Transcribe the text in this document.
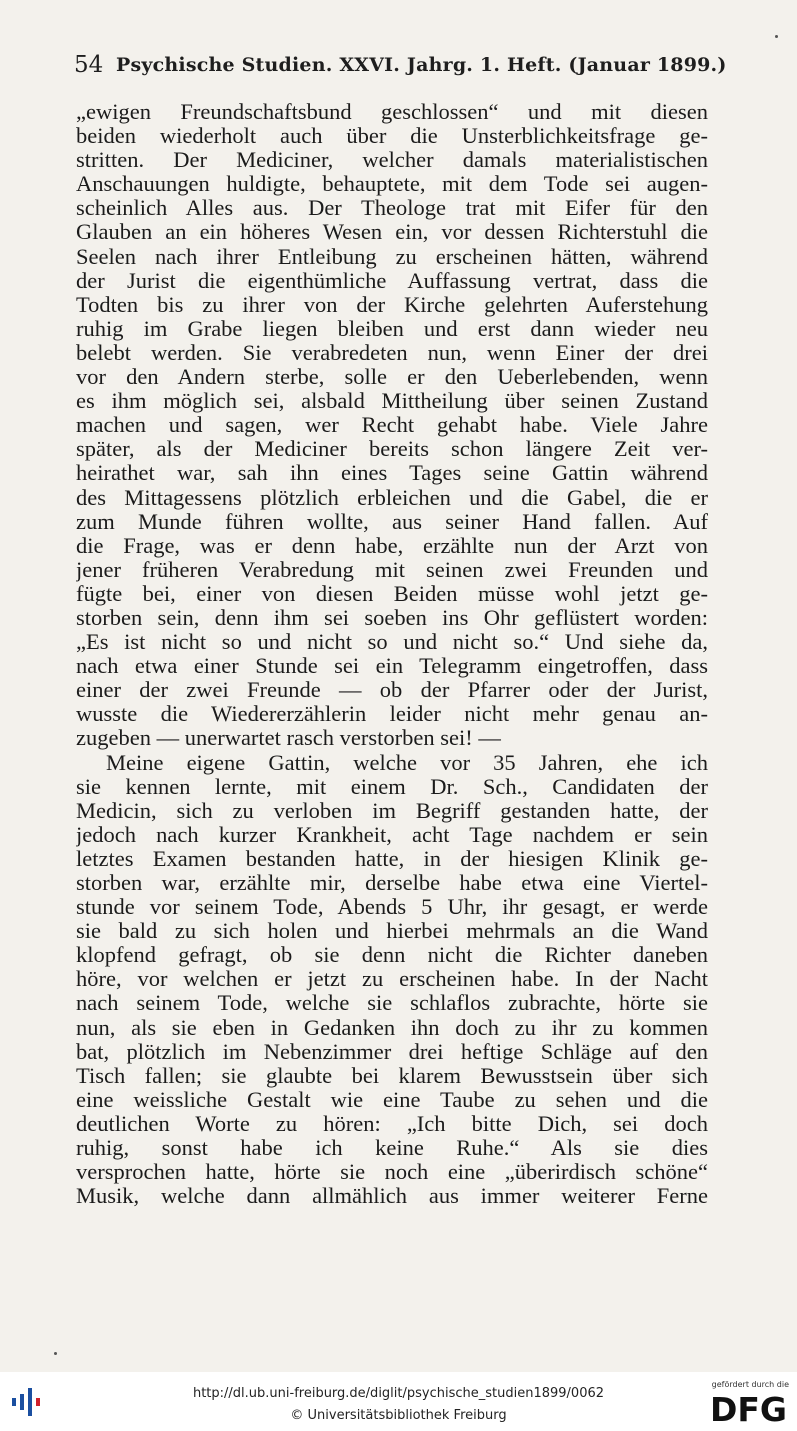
54 Psychische Studien. XXVI. Jahrg. 1. Heft. (Januar 1899.)
„ewigen Freundschaftsbund geschlossen“ und mit diesen
beiden wiederholt auch über die Unsterblichkeitsfrage ge-
stritten. Der Mediciner, welcher damals materialistischen
Anschauungen huldigte, behauptete, mit dem Tode sei augen-
scheinlich Alles aus. Der Theologe trat mit Eifer für den
Glauben an ein höheres Wesen ein, vor dessen Richterstuhl die
Seelen nach ihrer Entleibung zu erscheinen hätten, während
der Jurist die eigenthümliche Auffassung vertrat, dass die
Todten bis zu ihrer von der Kirche gelehrten Auferstehung
ruhig im Grabe liegen bleiben und erst dann wieder neu
belebt werden. Sie verabredeten nun, wenn Einer der drei
vor den Andern sterbe, solle er den Ueberlebenden, wenn
es ihm möglich sei, alsbald Mittheilung über seinen Zustand
machen und sagen, wer Recht gehabt habe. Viele Jahre
später, als der Mediciner bereits schon längere Zeit ver-
heirathet war, sah ihn eines Tages seine Gattin während
des Mittagessens plötzlich erbleichen und die Gabel, die er
zum Munde führen wollte, aus seiner Hand fallen. Auf
die Frage, was er denn habe, erzählte nun der Arzt von
jener früheren Verabredung mit seinen zwei Freunden und
fügte bei, einer von diesen Beiden müsse wohl jetzt ge-
storben sein, denn ihm sei soeben ins Ohr geflüstert worden:
„Es ist nicht so und nicht so und nicht so.“ Und siehe da,
nach etwa einer Stunde sei ein Telegramm eingetroffen, dass
einer der zwei Freunde — ob der Pfarrer oder der Jurist,
wusste die Wiedererzählerin leider nicht mehr genau an-
zugeben — unerwartet rasch verstorben sei! —
Meine eigene Gattin, welche vor 35 Jahren, ehe ich
sie kennen lernte, mit einem Dr. Sch., Candidaten der
Medicin, sich zu verloben im Begriff gestanden hatte, der
jedoch nach kurzer Krankheit, acht Tage nachdem er sein
letztes Examen bestanden hatte, in der hiesigen Klinik ge-
storben war, erzählte mir, derselbe habe etwa eine Viertel-
stunde vor seinem Tode, Abends 5 Uhr, ihr gesagt, er werde
sie bald zu sich holen und hierbei mehrmals an die Wand
klopfend gefragt, ob sie denn nicht die Richter daneben
höre, vor welchen er jetzt zu erscheinen habe. In der Nacht
nach seinem Tode, welche sie schlaflos zubrachte, hörte sie
nun, als sie eben in Gedanken ihn doch zu ihr zu kommen
bat, plötzlich im Nebenzimmer drei heftige Schläge auf den
Tisch fallen; sie glaubte bei klarem Bewusstsein über sich
eine weissliche Gestalt wie eine Taube zu sehen und die
deutlichen Worte zu hören: „Ich bitte Dich, sei doch
ruhig, sonst habe ich keine Ruhe.“ Als sie dies
versprochen hatte, hörte sie noch eine „überirdisch schöne“
Musik, welche dann allmählich aus immer weiterer Ferne
http://dl.ub.uni-freiburg.de/diglit/psychische_studien1899/0062
© Universitätsbibliothek Freiburg
gefördert durch die
DFG
